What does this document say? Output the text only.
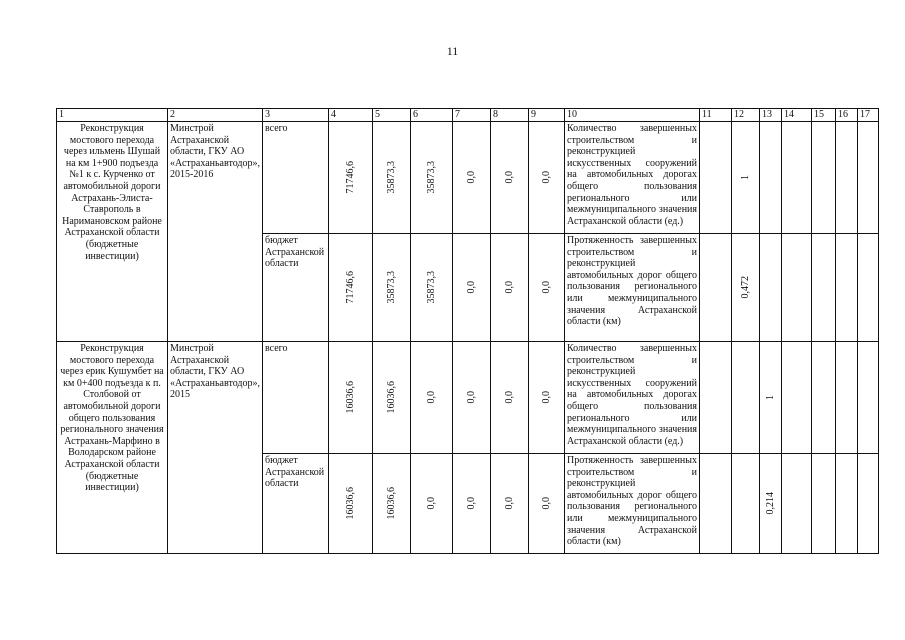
11
1	2	3	4	5	6	7	8	9	10	11	12	13	14	15	16	17
Реконструкция мостового перехода через ильмень Шушай на км 1+900 подъезда №1 к с. Курченко от автомобильной дороги Астрахань-Элиста-Ставрополь в Наримановском районе Астраханской области (бюджетные инвестиции)	Минстрой Астраханской области, ГКУ АО «Астраханьавтодор», 2015-2016	всего	71746,6	35873,3	35873,3	0,0	0,0	0,0	Количество завершенных строительством и реконструкцией искусственных сооружений на автомобильных дорогах общего пользования регионального или межмуниципального значения Астраханской области (ед.)		1					

		бюджет Астраханской области	71746,6	35873,3	35873,3	0,0	0,0	0,0	Протяженность завершенных строительством и реконструкцией автомобильных дорог общего пользования регионального или межмуниципального значения Астраханской области (км)		0,472					

Реконструкция мостового перехода через ерик Кушумбет на км 0+400 подъезда к п. Столбовой от автомобильной дороги общего пользования регионального значения Астрахань-Марфино в Володарском районе Астраханской области (бюджетные инвестиции)	Минстрой Астраханской области, ГКУ АО «Астраханьавтодор», 2015	всего	16036,6	16036,6	0,0	0,0	0,0	0,0	Количество завершенных строительством и реконструкцией искусственных сооружений на автомобильных дорогах общего пользования регионального или межмуниципального значения Астраханской области (ед.)			1				

		бюджет Астраханской области	16036,6	16036,6	0,0	0,0	0,0	0,0	Протяженность завершенных строительством и реконструкцией автомобильных дорог общего пользования регионального или межмуниципального значения Астраханской области (км)			0,214				
